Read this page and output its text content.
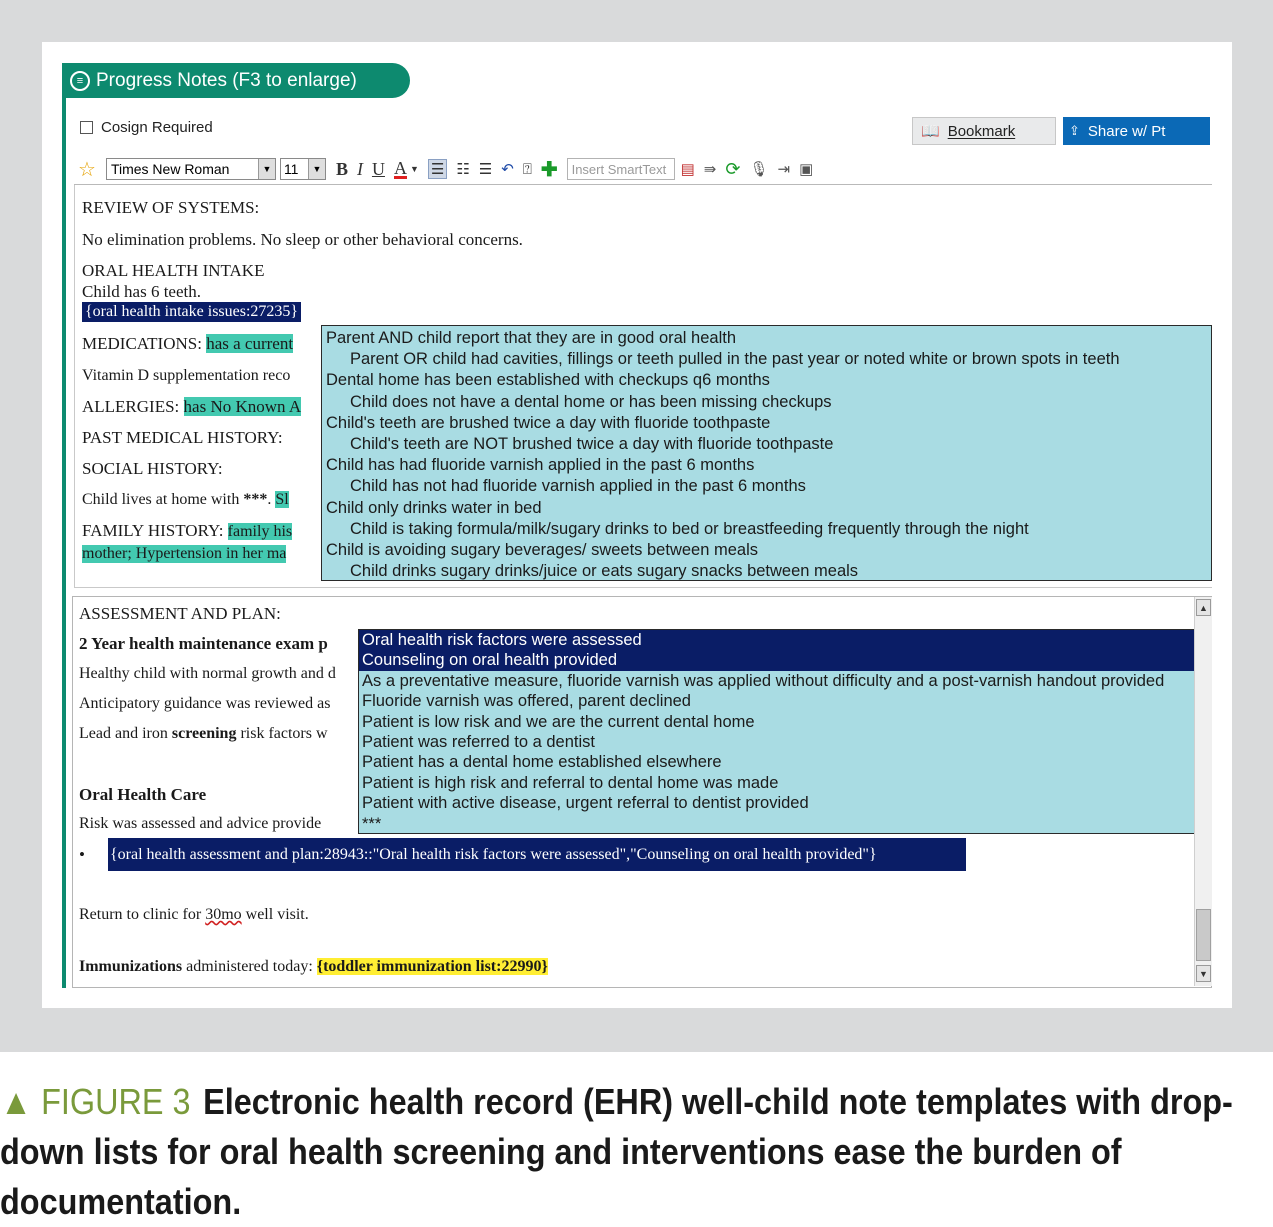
≡ Progress Notes (F3 to enlarge)
Cosign Required	📖 Bookmark	⇪ Share w/ Pt
☆ Times New Roman	▼ 11	▼ B I U A ▼ ☰ ☷ ☰ ↶ ⍰ ✚	Insert SmartText ▤ ⇛ ⟳ 🎙 ⇥ ▣
REVIEW OF SYSTEMS:
No elimination problems. No sleep or other behavioral concerns.
ORAL HEALTH INTAKE
Child has 6 teeth.
{oral health intake issues:27235}
MEDICATIONS: has a current
Vitamin D supplementation reco
ALLERGIES: has No Known A
PAST MEDICAL HISTORY:
SOCIAL HISTORY:
Child lives at home with ***. Sl
FAMILY HISTORY: family his
mother; Hypertension in her ma
Parent AND child report that they are in good oral health
Parent OR child had cavities, fillings or teeth pulled in the past year or noted white or brown spots in teeth
Dental home has been established with checkups q6 months
Child does not have a dental home or has been missing checkups
Child's teeth are brushed twice a day with fluoride toothpaste
Child's teeth are NOT brushed twice a day with fluoride toothpaste
Child has had fluoride varnish applied in the past 6 months
Child has not had fluoride varnish applied in the past 6 months
Child only drinks water in bed
Child is taking formula/milk/sugary drinks to bed or breastfeeding frequently through the night
Child is avoiding sugary beverages/ sweets between meals
Child drinks sugary drinks/juice or eats sugary snacks between meals
ASSESSMENT AND PLAN:
2 Year health maintenance exam p
Healthy child with normal growth and d
Anticipatory guidance was reviewed as
Lead and iron screening risk factors w
Oral Health Care
Risk was assessed and advice provide
• {oral health assessment and plan:28943::"Oral health risk factors were assessed","Counseling on oral health provided"}
Return to clinic for 30mo well visit.
Immunizations administered today: {toddler immunization list:22990}
Oral health risk factors were assessed
Counseling on oral health provided
As a preventative measure, fluoride varnish was applied without difficulty and a post-varnish handout provided
Fluoride varnish was offered, parent declined
Patient is low risk and we are the current dental home
Patient was referred to a dentist
Patient has a dental home established elsewhere
Patient is high risk and referral to dental home was made
Patient with active disease, urgent referral to dentist provided
***
▲
▼
▲ FIGURE 3 Electronic health record (EHR) well-child note templates with drop-down lists for oral health screening and interventions ease the burden of documentation.
